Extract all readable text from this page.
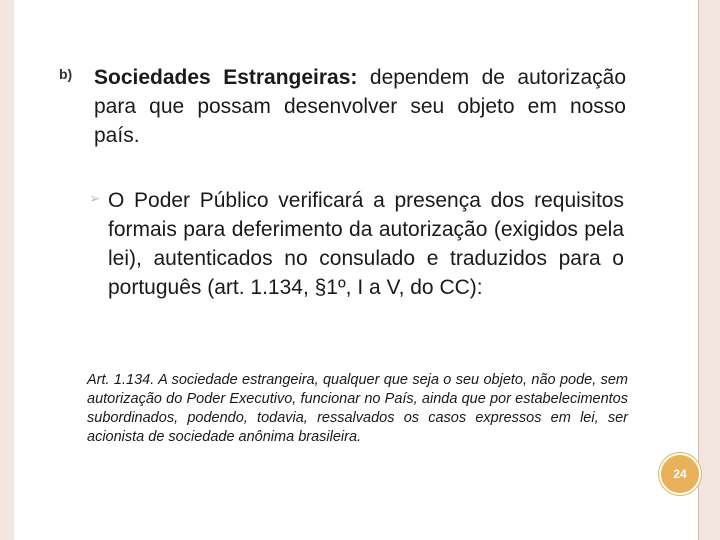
b) Sociedades Estrangeiras: dependem de autorização para que possam desenvolver seu objeto em nosso país.
➢ O Poder Público verificará a presença dos requisitos formais para deferimento da autorização (exigidos pela lei), autenticados no consulado e traduzidos para o português (art. 1.134, §1º, I a V, do CC):
Art. 1.134. A sociedade estrangeira, qualquer que seja o seu objeto, não pode, sem autorização do Poder Executivo, funcionar no País, ainda que por estabelecimentos subordinados, podendo, todavia, ressalvados os casos expressos em lei, ser acionista de sociedade anônima brasileira.
24
